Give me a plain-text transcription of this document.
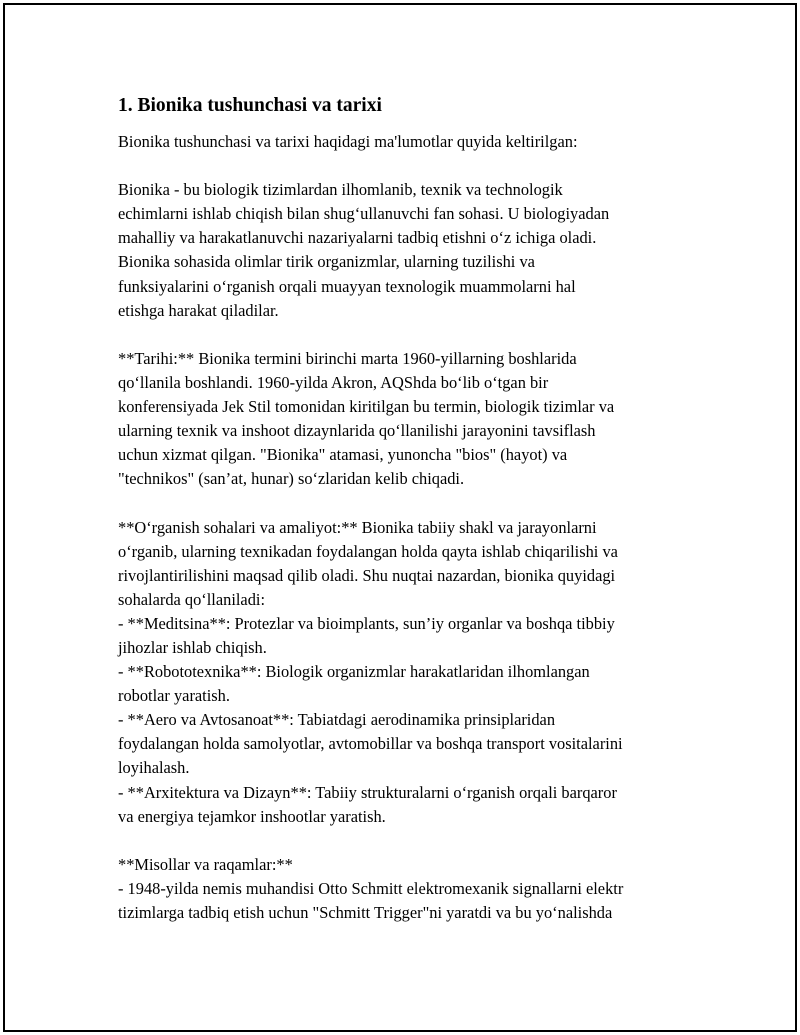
1. Bionika tushunchasi va tarixi
Bionika tushunchasi va tarixi haqidagi ma'lumotlar quyida keltirilgan:
Bionika - bu biologik tizimlardan ilhomlanib, texnik va technologik
echimlarni ishlab chiqish bilan shug‘ullanuvchi fan sohasi. U biologiyadan
mahalliy va harakatlanuvchi nazariyalarni tadbiq etishni o‘z ichiga oladi.
Bionika sohasida olimlar tirik organizmlar, ularning tuzilishi va
funksiyalarini o‘rganish orqali muayyan texnologik muammolarni hal
etishga harakat qiladilar.
**Tarihi:** Bionika termini birinchi marta 1960-yillarning boshlarida
qo‘llanila boshlandi. 1960-yilda Akron, AQShda bo‘lib o‘tgan bir
konferensiyada Jek Stil tomonidan kiritilgan bu termin, biologik tizimlar va
ularning texnik va inshoot dizaynlarida qo‘llanilishi jarayonini tavsiflash
uchun xizmat qilgan. "Bionika" atamasi, yunoncha "bios" (hayot) va
"technikos" (san’at, hunar) so‘zlaridan kelib chiqadi.
**O‘rganish sohalari va amaliyot:** Bionika tabiiy shakl va jarayonlarni
o‘rganib, ularning texnikadan foydalangan holda qayta ishlab chiqarilishi va
rivojlantirilishini maqsad qilib oladi. Shu nuqtai nazardan, bionika quyidagi
sohalarda qo‘llaniladi:
- **Meditsina**: Protezlar va bioimplants, sun’iy organlar va boshqa tibbiy
jihozlar ishlab chiqish.
- **Robototexnika**: Biologik organizmlar harakatlaridan ilhomlangan
robotlar yaratish.
- **Aero va Avtosanoat**: Tabiatdagi aerodinamika prinsiplaridan
foydalangan holda samolyotlar, avtomobillar va boshqa transport vositalarini
loyihalash.
- **Arxitektura va Dizayn**: Tabiiy strukturalarni o‘rganish orqali barqaror
va energiya tejamkor inshootlar yaratish.
**Misollar va raqamlar:**
- 1948-yilda nemis muhandisi Otto Schmitt elektromexanik signallarni elektr
tizimlarga tadbiq etish uchun "Schmitt Trigger"ni yaratdi va bu yo‘nalishda
